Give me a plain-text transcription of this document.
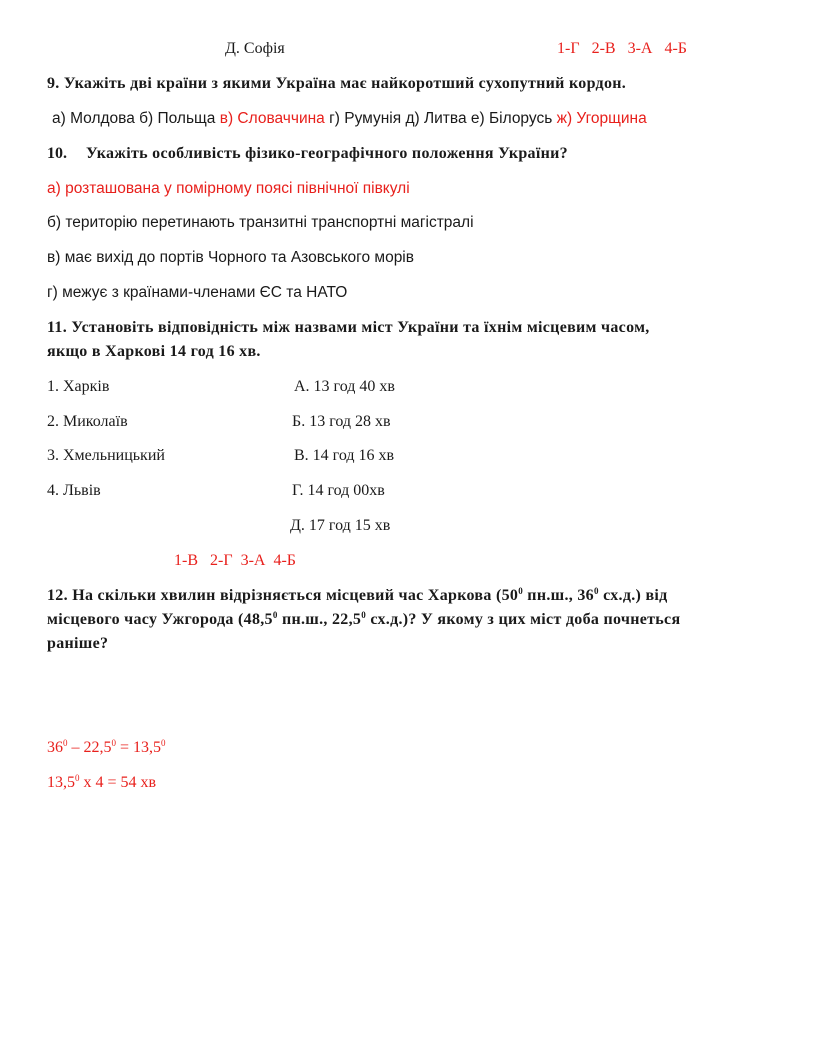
Д. Софія	1-Г   2-В   3-А   4-Б
9. Укажіть дві країни з якими Україна має найкоротший сухопутний кордон.
а) Молдова б) Польща в) Словаччина г) Румунія д) Литва е) Білорусь ж) Угорщина
10. Укажіть особливість фізико-географічного положення України?
а) розташована у помірному поясі північної півкулі
б) територію перетинають транзитні транспортні магістралі
в) має вихід до портів Чорного та Азовського морів
г) межує з країнами-членами ЄС та НАТО
11. Установіть відповідність між назвами міст України та їхнім місцевим часом,
якщо в Харкові 14 год 16 хв.
1. Харків
2. Миколаїв
3. Хмельницький
4. Львів
А. 13 год 40 хв
Б. 13 год 28 хв
В. 14 год 16 хв
Г. 14 год 00хв
Д. 17 год 15 хв
1-В   2-Г  3-А  4-Б
12. На скільки хвилин відрізняється місцевий час Харкова ($50^0$ пн.ш., $36^0$ сх.д.) від
місцевого часу Ужгорода (48,5$^0$ пн.ш., 22,5$^0$ сх.д.)? У якому з цих міст доба почнеться
раніше?
$36^0 - 22,5^0 = 13,5^0$
13,5$^0$ х 4 = 54 хв
